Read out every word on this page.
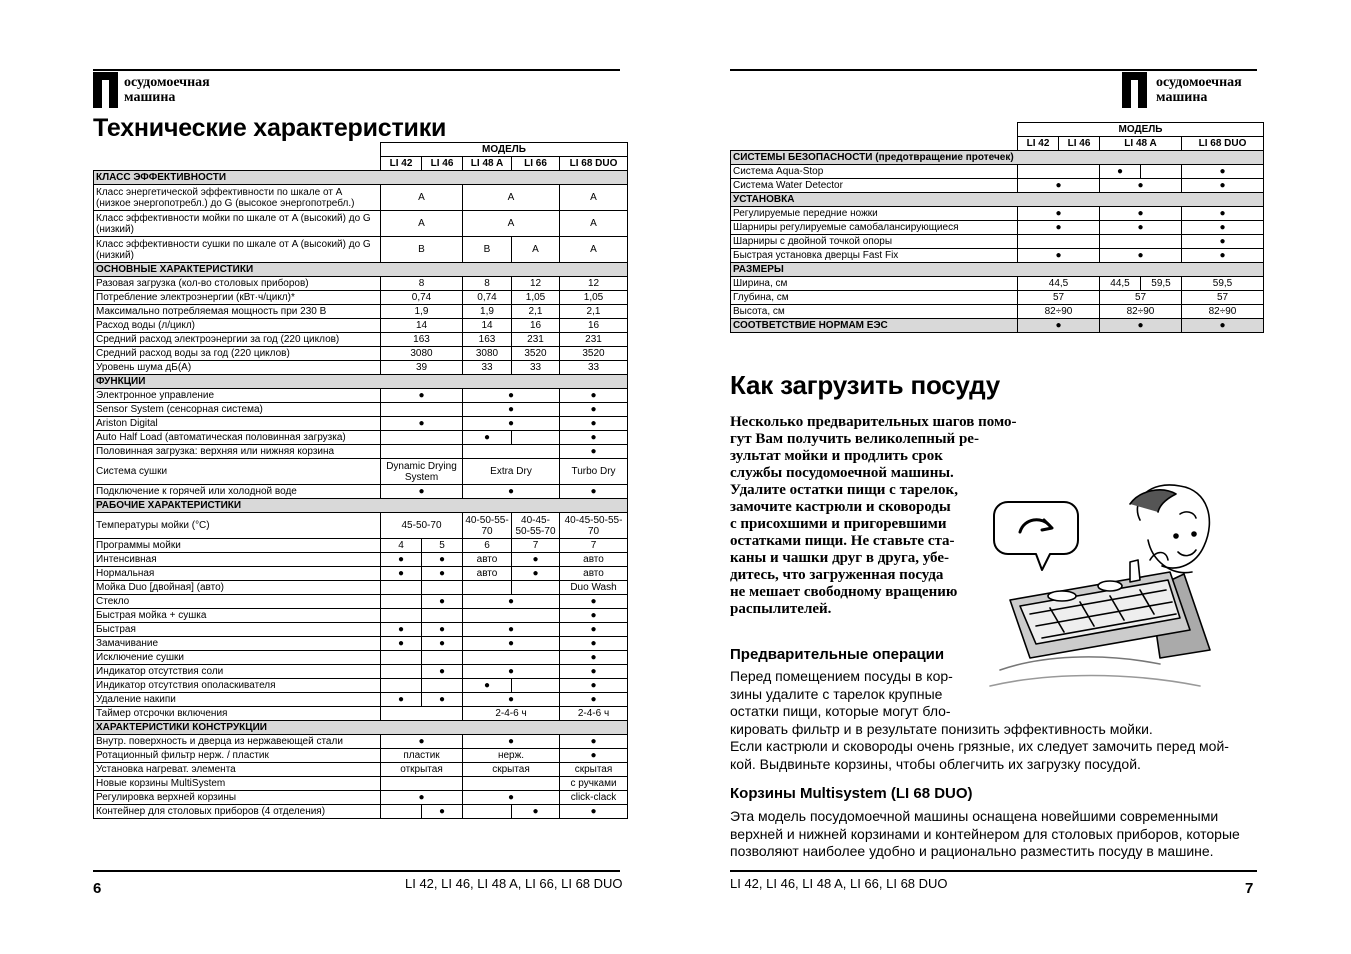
осудомоечная
машина
Технические характеристики
	МОДЕЛЬ				
	LI 42	LI 46	LI 48 A	LI 66	LI 68 DUO
КЛАСС ЭФФЕКТИВНОСТИ					
Класс энергетической эффективности по шкале от A (низкое энергопотребл.) до G (высокое энергопотребл.)	A		A		A
Класс эффективности мойки по шкале от A (высокий) до G (низкий)	A		A		A
Класс эффективности сушки по шкале от A (высокий) до G (низкий)	B		B	A	A
ОСНОВНЫЕ ХАРАКТЕРИСТИКИ					
Разовая загрузка (кол-во столовых приборов)	8		8	12	12
Потребление электроэнергии (кВт·ч/цикл)*	0,74		0,74	1,05	1,05
Максимально потребляемая мощность при 230 В	1,9		1,9	2,1	2,1
Расход воды (л/цикл)	14		14	16	16
Средний расход электроэнергии за год (220 циклов)	163		163	231	231
Средний расход воды за год (220 циклов)	3080		3080	3520	3520
Уровень шума дБ(A)	39		33	33	33
ФУНКЦИИ					
Электронное управление	●		●		●
Sensor System (сенсорная система)			●		●
Ariston Digital	●		●		●
Auto Half Load (автоматическая половинная загрузка)			●		●
Половинная загрузка: верхняя или нижняя корзина					●
Система сушки	Dynamic Drying System		Extra Dry		Turbo Dry
Подключение к горячей или холодной воде	●		●		●
РАБОЧИЕ ХАРАКТЕРИСТИКИ					
Температуры мойки (°C)	45-50-70		40-50-55-70	40-45-50-55-70	40-45-50-55-70
Программы мойки	4	5	6	7	7
Интенсивная	●	●	авто	●	авто
Нормальная	●	●	авто	●	авто
Мойка Duo [двойная] (авто)					Duo Wash
Стекло		●	●		●
Быстрая мойка + сушка					●
Быстрая	●	●	●		●
Замачивание	●	●	●		●
Исключение сушки					●
Индикатор отсутствия соли		●	●		●
Индикатор отсутствия ополаскивателя			●		●
Удаление накипи	●	●	●		●
Таймер отсрочки включения			2-4-6 ч		2-4-6 ч
ХАРАКТЕРИСТИКИ КОНСТРУКЦИИ					
Внутр. поверхность и дверца из нержавеющей стали	●		●		●
Ротационный фильтр нерж. / пластик	пластик		нерж.		●
Установка нагреват. элемента	открытая		скрытая		скрытая
Новые корзины MultiSystem					с ручками
Регулировка верхней корзины	●		●		click-clack
Контейнер для столовых приборов (4 отделения)		●		●	●
6	LI 42, LI 46, LI 48 A, LI 66, LI 68 DUO
осудомоечная
машина
	МОДЕЛЬ				
	LI 42	LI 46	LI 48 A		LI 68 DUO
СИСТЕМЫ БЕЗОПАСНОСТИ (предотвращение протечек)					
Система Aqua-Stop			●		●
Система Water Detector	●		●		●
УСТАНОВКА					
Регулируемые передние ножки	●		●		●
Шарниры регулируемые самобалансирующиеся	●		●		●
Шарниры с двойной точкой опоры					●
Быстрая установка дверцы Fast Fix	●		●		●
РАЗМЕРЫ					
Ширина, см	44,5		44,5	59,5	59,5
Глубина, см	57		57		57
Высота, см	82÷90		82÷90		82÷90
СООТВЕТСТВИЕ НОРМАМ ЕЭС	●		●		●
Как загрузить посуду
Несколько предварительных шагов помо-
гут Вам получить великолепный ре-
зультат мойки и продлить срок
службы посудомоечной машины.
Удалите остатки пищи с тарелок,
замочите кастрюли и сковороды
с присохшими и пригоревшими
остатками пищи. Не ставьте ста-
каны и чашки друг в друга, убе-
дитесь, что загруженная посуда
не мешает свободному вращению
распылителей.
Предварительные операции
Перед помещением посуды в кор-
зины удалите с тарелок крупные
остатки пищи, которые могут бло-
кировать фильтр и в результате понизить эффективность мойки.
Если кастрюли и сковороды очень грязные, их следует замочить перед мой-
кой. Выдвиньте корзины, чтобы облегчить их загрузку посудой.
Корзины Multisystem (LI 68 DUO)
Эта модель посудомоечной машины оснащена новейшими современными
верхней и нижней корзинами и контейнером для столовых приборов, которые
позволяют наиболее удобно и рационально разместить посуду в машине.
LI 42, LI 46, LI 48 A, LI 66, LI 68 DUO	7
